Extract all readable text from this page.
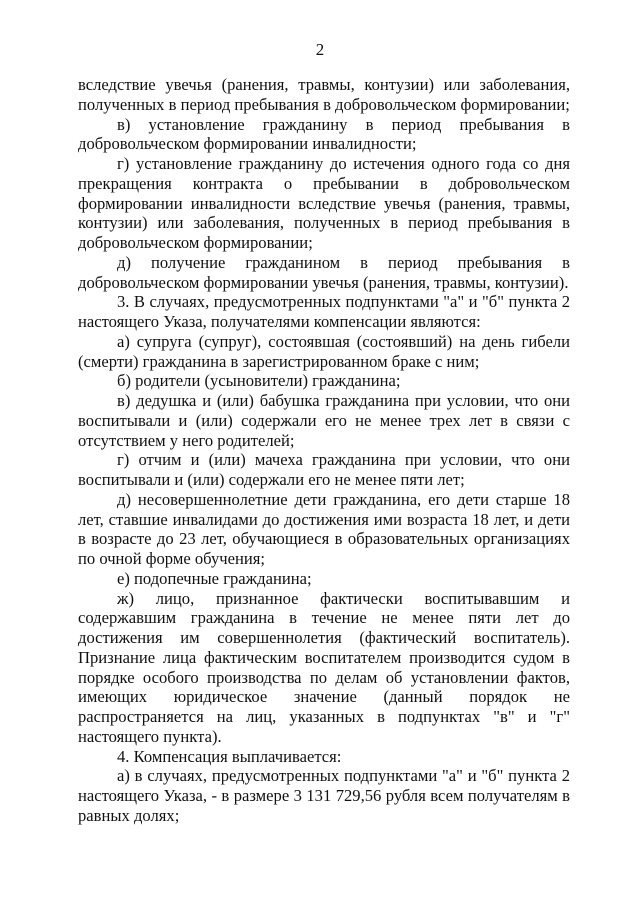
2

вследствие увечья (ранения, травмы, контузии) или заболевания, полученных в период пребывания в добровольческом формировании;

в) установление гражданину в период пребывания в добровольческом формировании инвалидности;

г) установление гражданину до истечения одного года со дня прекращения контракта о пребывании в добровольческом формировании инвалидности вследствие увечья (ранения, травмы, контузии) или заболевания, полученных в период пребывания в добровольческом формировании;

д) получение гражданином в период пребывания в добровольческом формировании увечья (ранения, травмы, контузии).

3. В случаях, предусмотренных подпунктами "а" и "б" пункта 2 настоящего Указа, получателями компенсации являются:

а) супруга (супруг), состоявшая (состоявший) на день гибели (смерти) гражданина в зарегистрированном браке с ним;

б) родители (усыновители) гражданина;

в) дедушка и (или) бабушка гражданина при условии, что они воспитывали и (или) содержали его не менее трех лет в связи с отсутствием у него родителей;

г) отчим и (или) мачеха гражданина при условии, что они воспитывали и (или) содержали его не менее пяти лет;

д) несовершеннолетние дети гражданина, его дети старше 18 лет, ставшие инвалидами до достижения ими возраста 18 лет, и дети в возрасте до 23 лет, обучающиеся в образовательных организациях по очной форме обучения;

е) подопечные гражданина;

ж) лицо, признанное фактически воспитывавшим и содержавшим гражданина в течение не менее пяти лет до достижения им совершеннолетия (фактический воспитатель). Признание лица фактическим воспитателем производится судом в порядке особого производства по делам об установлении фактов, имеющих юридическое значение (данный порядок не распространяется на лиц, указанных в подпунктах "в" и "г" настоящего пункта).

4. Компенсация выплачивается:

а) в случаях, предусмотренных подпунктами "а" и "б" пункта 2 настоящего Указа, - в размере 3 131 729,56 рубля всем получателям в равных долях;
